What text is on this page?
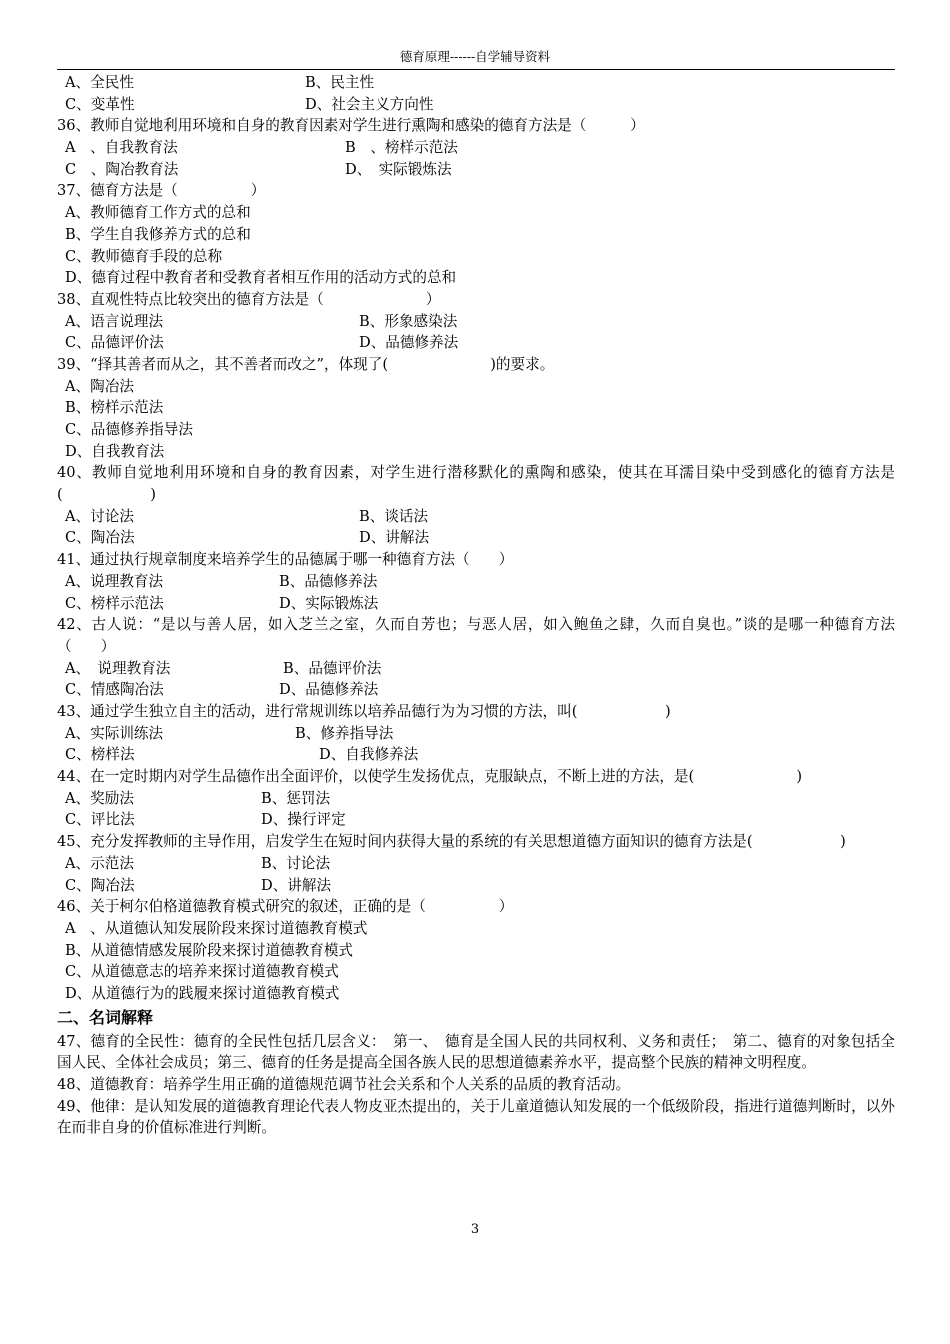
德育原理------自学辅导资料
A、全民性	B、民主性
C、变革性	D、社会主义方向性
36、教师自觉地利用环境和自身的教育因素对学生进行熏陶和感染的德育方法是（　　　）
A　、自我教育法	B　、榜样示范法
C　、陶冶教育法	D、　实际锻炼法
37、德育方法是（　　　　　）
A、教师德育工作方式的总和
B、学生自我修养方式的总和
C、教师德育手段的总称
D、德育过程中教育者和受教育者相互作用的活动方式的总和
38、直观性特点比较突出的德育方法是（　　　　　　　）
A、语言说理法	B、形象感染法
C、品德评价法	D、品德修养法
39、“择其善者而从之，其不善者而改之”，体现了(　　　　　　　)的要求。
A、陶冶法
B、榜样示范法
C、品德修养指导法
D、自我教育法
40、教师自觉地利用环境和自身的教育因素，对学生进行潜移默化的熏陶和感染，使其在耳濡目染中受到感化的德育方法是(　　　　　　)
A、讨论法	B、谈话法
C、陶冶法	D、讲解法
41、通过执行规章制度来培养学生的品德属于哪一种德育方法（　　）
A、说理教育法	B、品德修养法
C、榜样示范法	D、实际锻炼法
42、古人说：“是以与善人居，如入芝兰之室，久而自芳也；与恶人居，如入鲍鱼之肆，久而自臭也。”谈的是哪一种德育方法（　　）
A、　说理教育法	B、品德评价法
C、情感陶冶法	D、品德修养法
43、通过学生独立自主的活动，进行常规训练以培养品德行为为习惯的方法，叫(　　　　　　)
A、实际训练法	B、修养指导法
C、榜样法	D、自我修养法
44、在一定时期内对学生品德作出全面评价，以使学生发扬优点，克服缺点，不断上进的方法，是(　　　　　　　)
A、奖励法	B、惩罚法
C、评比法	D、操行评定
45、充分发挥教师的主导作用，启发学生在短时间内获得大量的系统的有关思想道德方面知识的德育方法是(　　　　　　)
A、示范法	B、讨论法
C、陶冶法	D、讲解法
46、关于柯尔伯格道德教育模式研究的叙述，正确的是（　　　　　）
A　、从道德认知发展阶段来探讨道德教育模式
B、从道德情感发展阶段来探讨道德教育模式
C、从道德意志的培养来探讨道德教育模式
D、从道德行为的践履来探讨道德教育模式
二、名词解释
47、德育的全民性：德育的全民性包括几层含义：　第一、　德育是全国人民的共同权利、义务和责任；　第二、德育的对象包括全国人民、全体社会成员；第三、德育的任务是提高全国各族人民的思想道德素养水平，提高整个民族的精神文明程度。
48、道德教育：培养学生用正确的道德规范调节社会关系和个人关系的品质的教育活动。
49、他律：是认知发展的道德教育理论代表人物皮亚杰提出的，关于儿童道德认知发展的一个低级阶段，指进行道德判断时，以外在而非自身的价值标准进行判断。
3
